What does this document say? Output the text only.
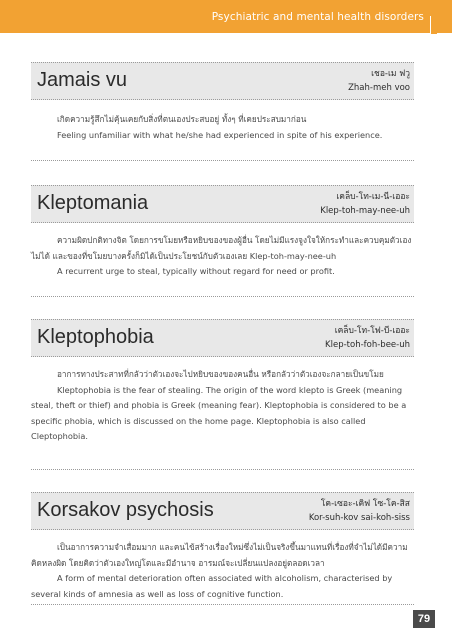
Psychiatric and mental health disorders
Jamais vu	เชอ-เม ฟวู
Zhah-meh voo

เกิดความรู้สึกไม่คุ้นเคยกับสิ่งที่ตนเองประสบอยู่ ทั้งๆ ที่เคยประสบมาก่อน

Feeling unfamiliar with what he/she had experienced in spite of his experience.

Kleptomania	เคล็บ-โท-เม-นี-เออะ
Klep-toh-may-nee-uh

ความผิดปกติทางจิต โดยการขโมยหรือหยิบของของผู้อื่น โดยไม่มีแรงจูงใจให้กระทำและควบคุมตัวเองไม่ได้ และของที่ขโมยบางครั้งก็มิได้เป็นประโยชน์กับตัวเองเลย Klep-toh-may-nee-uh

A recurrent urge to steal, typically without regard for need or profit.

Kleptophobia	เคล็บ-โท-โฟ-บี-เออะ
Klep-toh-foh-bee-uh

อาการทางประสาทที่กลัวว่าตัวเองจะไปหยิบของของคนอื่น หรือกลัวว่าตัวเองจะกลายเป็นขโมย

Kleptophobia is the fear of stealing. The origin of the word klepto is Greek (meaning steal, theft or thief) and phobia is Greek (meaning fear). Kleptophobia is considered to be a specific phobia, which is discussed on the home page. Kleptophobia is also called Cleptophobia.

Korsakov psychosis	โค-เซอะ-เคิฟ โซ-โค-สิส
Kor-suh-kov sai-koh-siss

เป็นอาการความจำเสื่อมมาก และคนไข้สร้างเรื่องใหม่ซึ่งไม่เป็นจริงขึ้นมาแทนที่เรื่องที่จำไม่ได้มีความคิดหลงผิด โดยคิดว่าตัวเองใหญ่โตและมีอำนาจ อารมณ์จะเปลี่ยนแปลงอยู่ตลอดเวลา

A form of mental deterioration often associated with alcoholism, characterised by several kinds of amnesia as well as loss of cognitive function.

79
